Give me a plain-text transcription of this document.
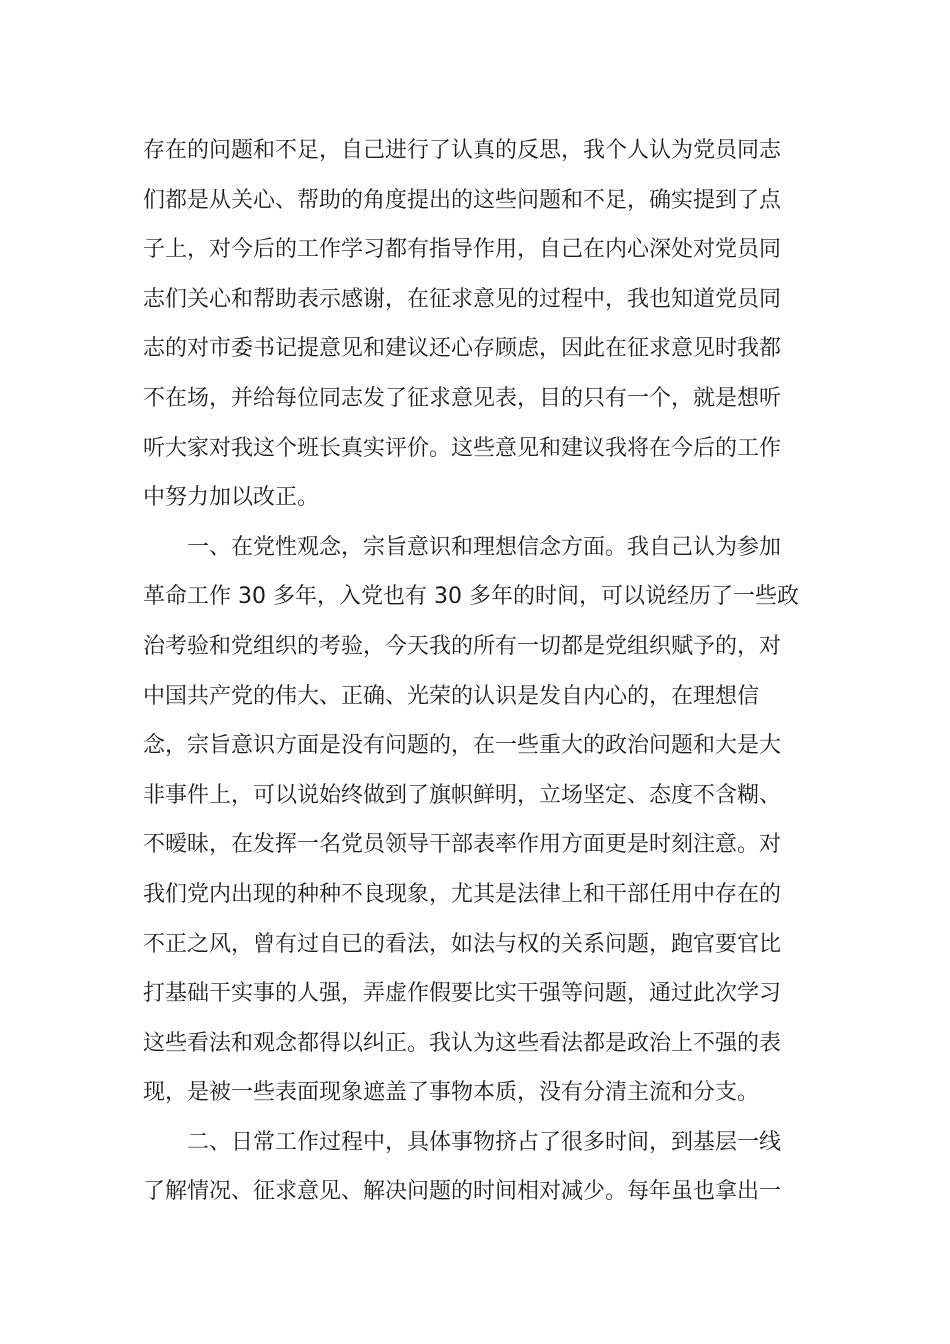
存在的问题和不足，自己进行了认真的反思，我个人认为党员同志
们都是从关心、帮助的角度提出的这些问题和不足，确实提到了点
子上，对今后的工作学习都有指导作用，自己在内心深处对党员同
志们关心和帮助表示感谢，在征求意见的过程中，我也知道党员同
志的对市委书记提意见和建议还心存顾虑，因此在征求意见时我都
不在场，并给每位同志发了征求意见表，目的只有一个，就是想听
听大家对我这个班长真实评价。这些意见和建议我将在今后的工作
中努力加以改正。
一、在党性观念，宗旨意识和理想信念方面。我自己认为参加
革命工作 30 多年，入党也有 30 多年的时间，可以说经历了一些政
治考验和党组织的考验，今天我的所有一切都是党组织赋予的，对
中国共产党的伟大、正确、光荣的认识是发自内心的，在理想信
念，宗旨意识方面是没有问题的，在一些重大的政治问题和大是大
非事件上，可以说始终做到了旗帜鲜明，立场坚定、态度不含糊、
不暧昧，在发挥一名党员领导干部表率作用方面更是时刻注意。对
我们党内出现的种种不良现象，尤其是法律上和干部任用中存在的
不正之风，曾有过自已的看法，如法与权的关系问题，跑官要官比
打基础干实事的人强，弄虚作假要比实干强等问题，通过此次学习
这些看法和观念都得以纠正。我认为这些看法都是政治上不强的表
现，是被一些表面现象遮盖了事物本质，没有分清主流和分支。
二、日常工作过程中，具体事物挤占了很多时间，到基层一线
了解情况、征求意见、解决问题的时间相对减少。每年虽也拿出一
